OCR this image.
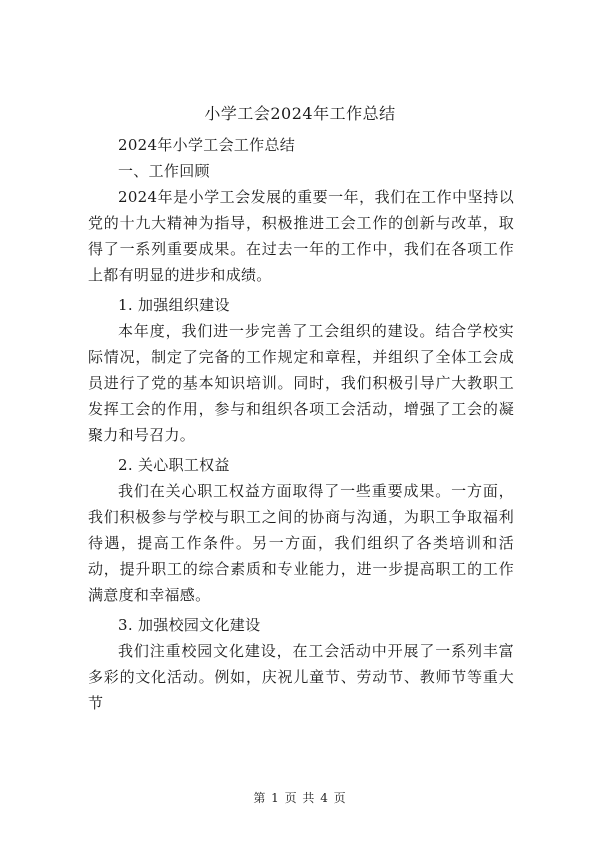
小学工会2024年工作总结

2024年小学工会工作总结

一、工作回顾

2024年是小学工会发展的重要一年，我们在工作中坚持以党的十九大精神为指导，积极推进工会工作的创新与改革，取得了一系列重要成果。在过去一年的工作中，我们在各项工作上都有明显的进步和成绩。

1. 加强组织建设

本年度，我们进一步完善了工会组织的建设。结合学校实际情况，制定了完备的工作规定和章程，并组织了全体工会成员进行了党的基本知识培训。同时，我们积极引导广大教职工发挥工会的作用，参与和组织各项工会活动，增强了工会的凝聚力和号召力。

2. 关心职工权益

我们在关心职工权益方面取得了一些重要成果。一方面，我们积极参与学校与职工之间的协商与沟通，为职工争取福利待遇，提高工作条件。另一方面，我们组织了各类培训和活动，提升职工的综合素质和专业能力，进一步提高职工的工作满意度和幸福感。

3. 加强校园文化建设

我们注重校园文化建设，在工会活动中开展了一系列丰富多彩的文化活动。例如，庆祝儿童节、劳动节、教师节等重大节

第 1 页 共 4 页
